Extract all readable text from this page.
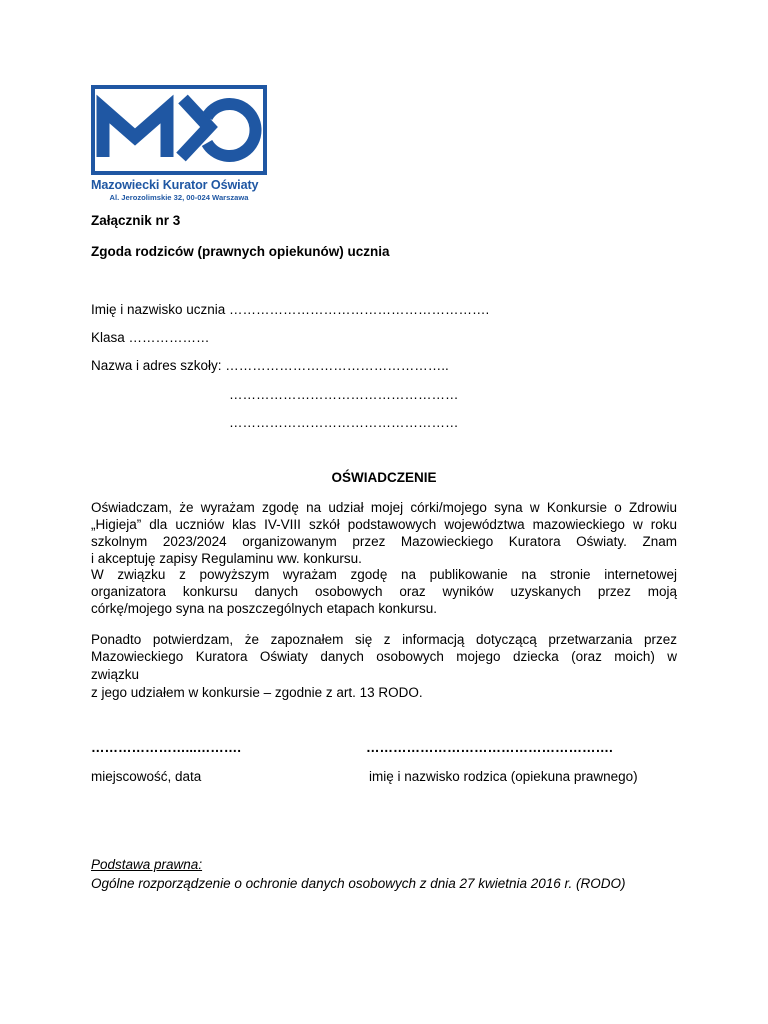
Mazowiecki Kurator Oświaty
Al. Jerozolimskie 32, 00-024 Warszawa
Załącznik nr 3
Zgoda rodziców (prawnych opiekunów) ucznia
Imię i nazwisko ucznia ………………………………………………….
Klasa ………………
Nazwa i adres szkoły: …………………………………………..
……………………………………………
……………………………………………
OŚWIADCZENIE
Oświadczam, że wyrażam zgodę na udział mojej córki/mojego syna w Konkursie o Zdrowiu
„Higieja” dla uczniów klas IV-VIII szkół podstawowych województwa mazowieckiego w roku
szkolnym 2023/2024 organizowanym przez Mazowieckiego Kuratora Oświaty. Znam
i akceptuję zapisy Regulaminu ww. konkursu.
W związku z powyższym wyrażam zgodę na publikowanie na stronie internetowej
organizatora konkursu danych osobowych oraz wyników uzyskanych przez moją
córkę/mojego syna na poszczególnych etapach konkursu.
Ponadto potwierdzam, że zapoznałem się z informacją dotyczącą przetwarzania przez
Mazowieckiego Kuratora Oświaty danych osobowych mojego dziecka (oraz moich) w
związku
z jego udziałem w konkursie – zgodnie z art. 13 RODO.
…………………...……….	……………………………………………….
miejscowość, data	imię i nazwisko rodzica (opiekuna prawnego)
Podstawa prawna:
Ogólne rozporządzenie o ochronie danych osobowych z dnia 27 kwietnia 2016 r. (RODO)
